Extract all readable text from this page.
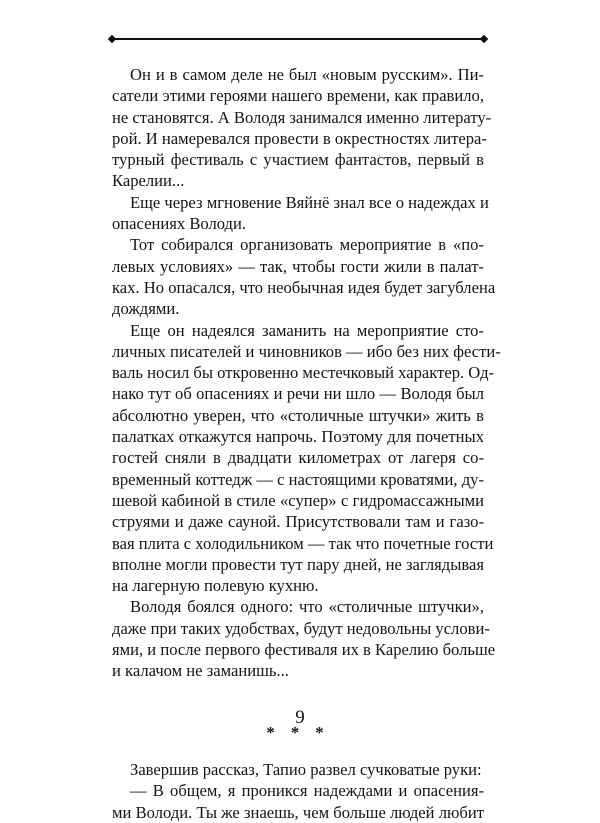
Он и в самом деле не был «новым русским». Пи-
сатели этими героями нашего времени, как правило,
не становятся. А Володя занимался именно литерату-
рой. И намеревался провести в окрестностях литера-
турный фестиваль с участием фантастов, первый в
Карелии...
Еще через мгновение Вяйнё знал все о надеждах и
опасениях Володи.
Тот собирался организовать мероприятие в «по-
левых условиях» — так, чтобы гости жили в палат-
ках. Но опасался, что необычная идея будет загублена
дождями.
Еще он надеялся заманить на мероприятие сто-
личных писателей и чиновников — ибо без них фести-
валь носил бы откровенно местечковый характер. Од-
нако тут об опасениях и речи ни шло — Володя был
абсолютно уверен, что «столичные штучки» жить в
палатках откажутся напрочь. Поэтому для почетных
гостей сняли в двадцати километрах от лагеря со-
временный коттедж — с настоящими кроватями, ду-
шевой кабиной в стиле «супер» с гидромассажными
струями и даже сауной. Присутствовали там и газо-
вая плита с холодильником — так что почетные гости
вполне могли провести тут пару дней, не заглядывая
на лагерную полевую кухню.
Володя боялся одного: что «столичные штучки»,
даже при таких удобствах, будут недовольны услови-
ями, и после первого фестиваля их в Карелию больше
и калачом не заманишь...
* * *
Завершив рассказ, Тапио развел сучковатые руки:
— В общем, я проникся надеждами и опасения-
ми Володи. Ты же знаешь, чем больше людей любит
9
